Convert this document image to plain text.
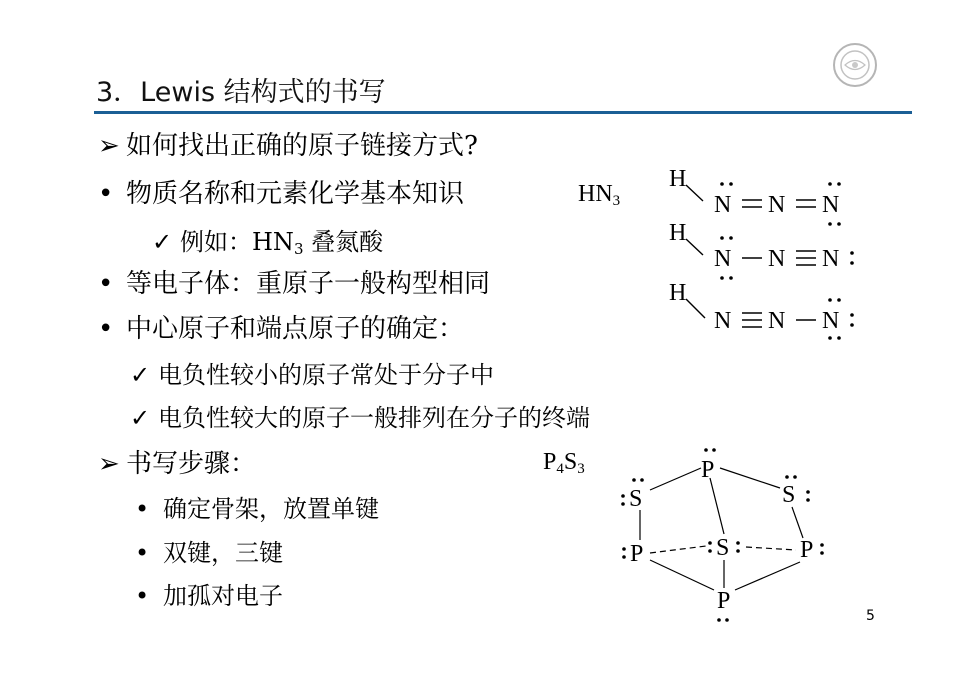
3．Lewis 结构式的书写
➢ 如何找出正确的原子链接方式?
• 物质名称和元素化学基本知识	$HN_3$
✓ 例如：$HN_3$ 叠氮酸
• 等电子体：重原子一般构型相同
• 中心原子和端点原子的确定：
✓ 电负性较小的原子常处于分子中
✓ 电负性较大的原子一般排列在分子的终端
➢ 书写步骤：
• 确定骨架，放置单键
• 双键，三键
• 加孤对电子
$P_4S_3$
5
H
N N N
H
N N N
H
N N N
P
S	S
S
P	P
P
